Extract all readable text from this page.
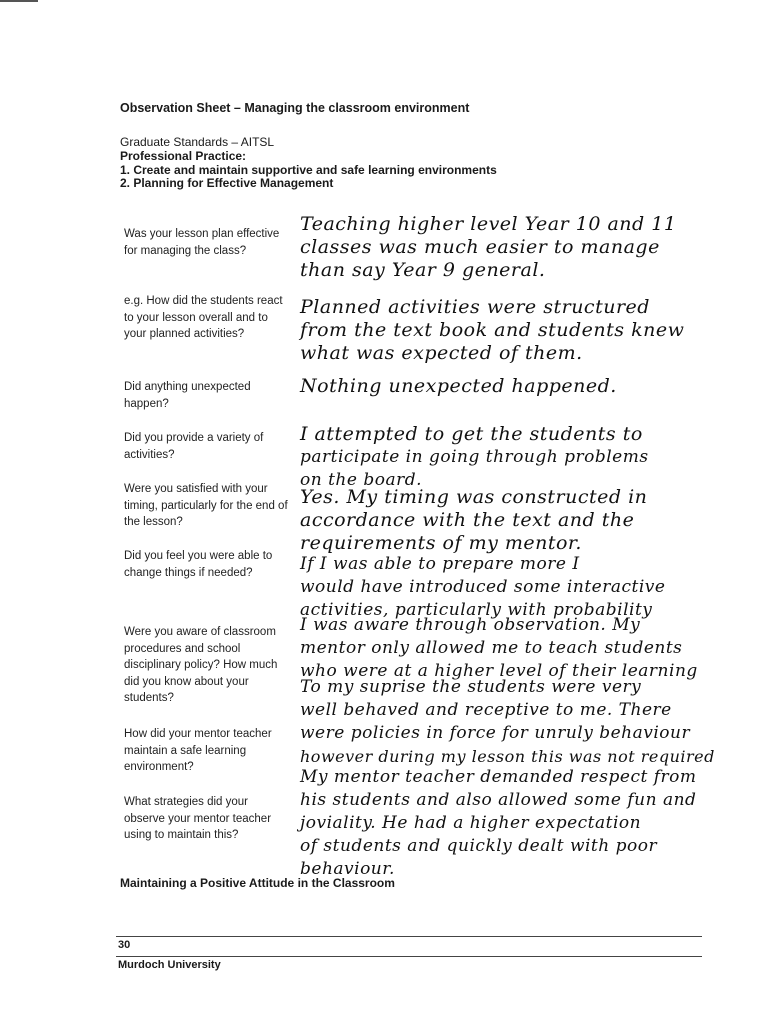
Observation Sheet – Managing the classroom environment

Graduate Standards – AITSL

Professional Practice:
1. Create and maintain supportive and safe learning environments
2. Planning for Effective Management
Was your lesson plan effective for managing the class?
e.g. How did the students react to your lesson overall and to your planned activities?
Did anything unexpected happen?
Did you provide a variety of activities?
Were you satisfied with your timing, particularly for the end of the lesson?
Did you feel you were able to change things if needed?
Were you aware of classroom procedures and school disciplinary policy? How much did you know about your students?
How did your mentor teacher maintain a safe learning environment?
What strategies did your observe your mentor teacher using to maintain this?
Teaching higher level Year 10 and 11
classes was much easier to manage
than say Year 9 general.
Planned activities were structured
from the text book and students knew
what was expected of them.
Nothing unexpected happened.
I attempted to get the students to
participate in going through problems
on the board.
Yes. My timing was constructed in
accordance with the text and the
requirements of my mentor.
If I was able to prepare more I
would have introduced some interactive
activities, particularly with probability
I was aware through observation. My
mentor only allowed me to teach students
who were at a higher level of their learning
To my suprise the students were very
well behaved and receptive to me. There
were policies in force for unruly behaviour
however during my lesson this was not required
My mentor teacher demanded respect from
his students and also allowed some fun and
joviality. He had a higher expectation
of students and quickly dealt with poor
behaviour.
Maintaining a Positive Attitude in the Classroom
30
Murdoch University
